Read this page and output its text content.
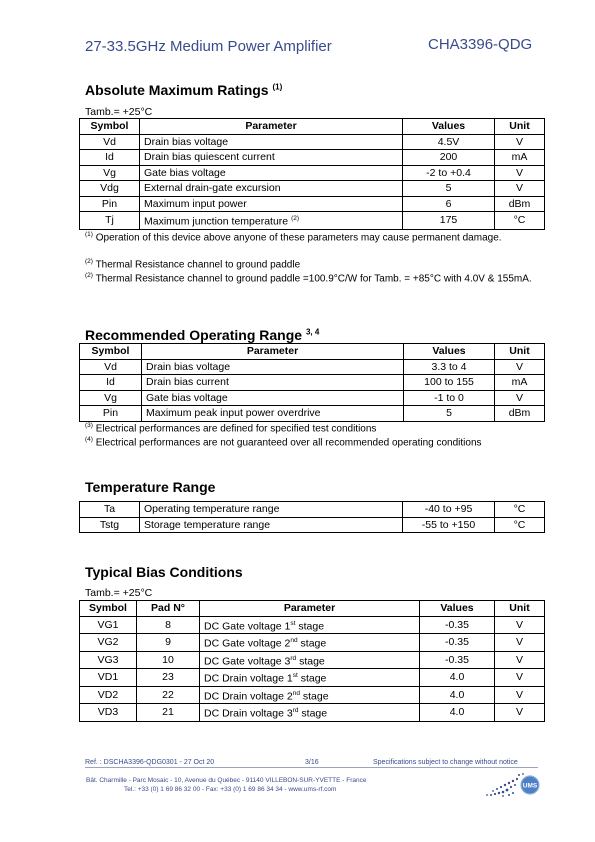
27-33.5GHz Medium Power Amplifier	CHA3396-QDG
Absolute Maximum Ratings $^{(1)}$
Tamb.= +25°C
Symbol	Parameter	Values	Unit
Vd	Drain bias voltage	4.5V	V
Id	Drain bias quiescent current	200	mA
Vg	Gate bias voltage	-2 to +0.4	V
Vdg	External drain-gate excursion	5	V
Pin	Maximum input power	6	dBm
Tj	Maximum junction temperature $^{(2)}$	175	°C
$^{(1)}$ Operation of this device above anyone of these parameters may cause permanent damage.
$^{(2)}$ Thermal Resistance channel to ground paddle
$^{(2)}$ Thermal Resistance channel to ground paddle =100.9°C/W for Tamb. = +85°C with 4.0V & 155mA.
Recommended Operating Range $^{3, 4}$
Symbol	Parameter	Values	Unit
Vd	Drain bias voltage	3.3 to 4	V
Id	Drain bias current	100 to 155	mA
Vg	Gate bias voltage	-1 to 0	V
Pin	Maximum peak input power overdrive	5	dBm
$^{(3)}$ Electrical performances are defined for specified test conditions
$^{(4)}$ Electrical performances are not guaranteed over all recommended operating conditions
Temperature Range
Ta	Operating temperature range	-40 to +95	°C
Tstg	Storage temperature range	-55 to +150	°C
Typical Bias Conditions
Tamb.= +25°C
Symbol	Pad N°	Parameter	Values	Unit
VG1	8	DC Gate voltage 1st stage	-0.35	V
VG2	9	DC Gate voltage 2nd stage	-0.35	V
VG3	10	DC Gate voltage 3rd stage	-0.35	V
VD1	23	DC Drain voltage 1st stage	4.0	V
VD2	22	DC Drain voltage 2nd stage	4.0	V
VD3	21	DC Drain voltage 3rd stage	4.0	V
Ref. : DSCHA3396-QDG0301 - 27 Oct 20	3/16	Specifications subject to change without notice
Bât. Charmille - Parc Mosaic - 10, Avenue du Québec - 91140 VILLEBON-SUR-YVETTE - France
Tel.: +33 (0) 1 69 86 32 00 - Fax: +33 (0) 1 69 86 34 34 - www.ums-rf.com	UMS
